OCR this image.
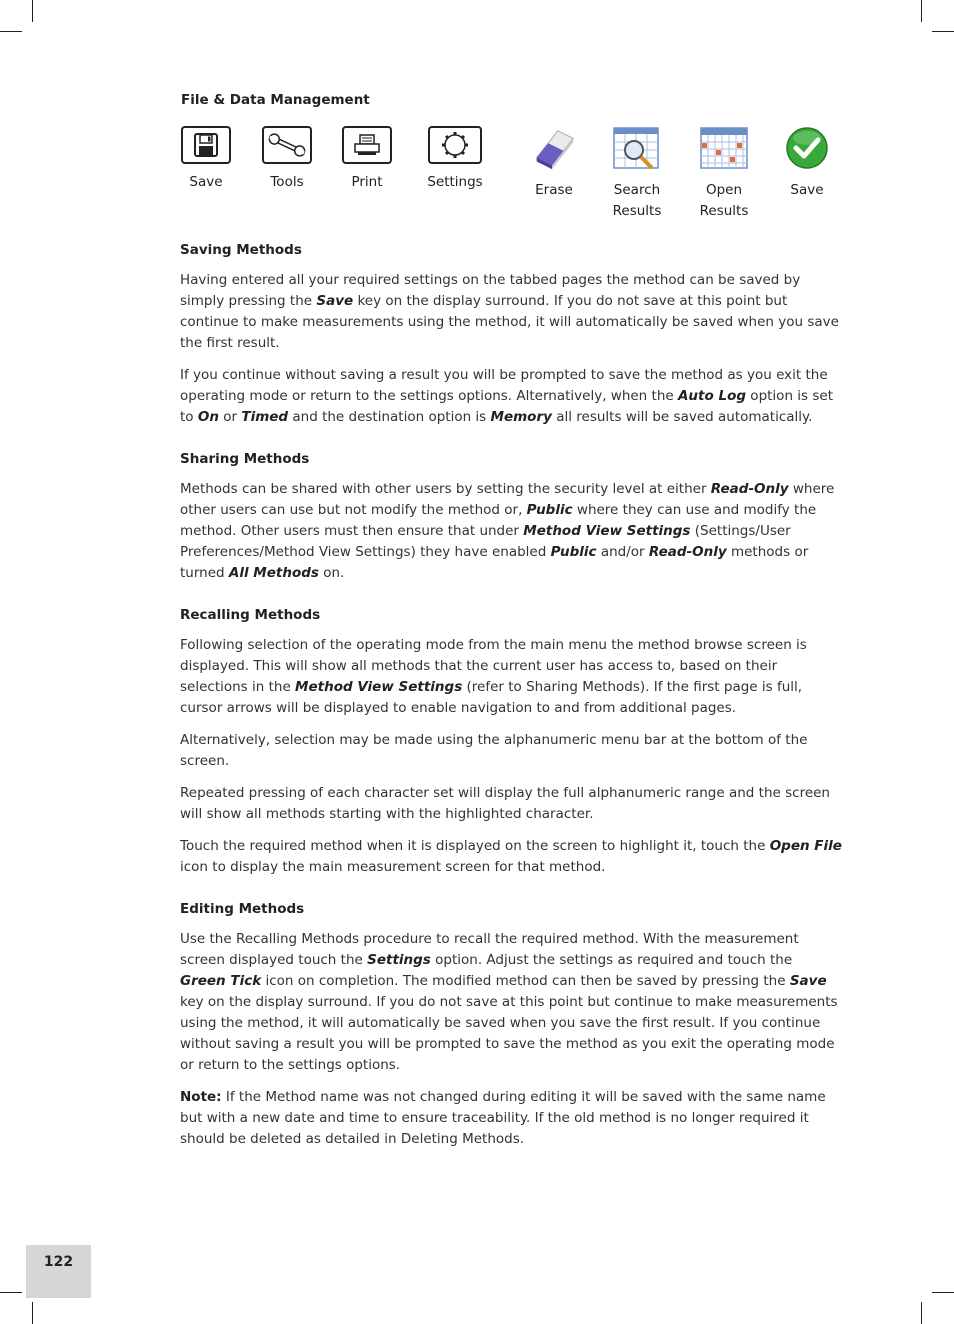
File & Data Management
Save	Tools	Print	Settings	Erase	Search
Results
Open
Results
Save
Saving Methods

Having entered all your required settings on the tabbed pages the method can be saved by simply pressing the Save key on the display surround. If you do not save at this point but continue to make measurements using the method, it will automatically be saved when you save the first result.

If you continue without saving a result you will be prompted to save the method as you exit the operating mode or return to the settings options. Alternatively, when the Auto Log option is set to On or Timed and the destination option is Memory all results will be saved automatically.

Sharing Methods

Methods can be shared with other users by setting the security level at either Read-Only where other users can use but not modify the method or, Public where they can use and modify the method. Other users must then ensure that under Method View Settings (Settings/User Preferences/Method View Settings) they have enabled Public and/or Read-Only methods or turned All Methods on.

Recalling Methods

Following selection of the operating mode from the main menu the method browse screen is displayed. This will show all methods that the current user has access to, based on their selections in the Method View Settings (refer to Sharing Methods). If the first page is full, cursor arrows will be displayed to enable navigation to and from additional pages.

Alternatively, selection may be made using the alphanumeric menu bar at the bottom of the screen.

Repeated pressing of each character set will display the full alphanumeric range and the screen will show all methods starting with the highlighted character.

Touch the required method when it is displayed on the screen to highlight it, touch the Open File icon to display the main measurement screen for that method.

Editing Methods

Use the Recalling Methods procedure to recall the required method. With the measurement screen displayed touch the Settings option. Adjust the settings as required and touch the Green Tick icon on completion. The modified method can then be saved by pressing the Save key on the display surround. If you do not save at this point but continue to make measurements using the method, it will automatically be saved when you save the first result. If you continue without saving a result you will be prompted to save the method as you exit the operating mode or return to the settings options.

Note: If the Method name was not changed during editing it will be saved with the same name but with a new date and time to ensure traceability. If the old method is no longer required it should be deleted as detailed in Deleting Methods.

122
